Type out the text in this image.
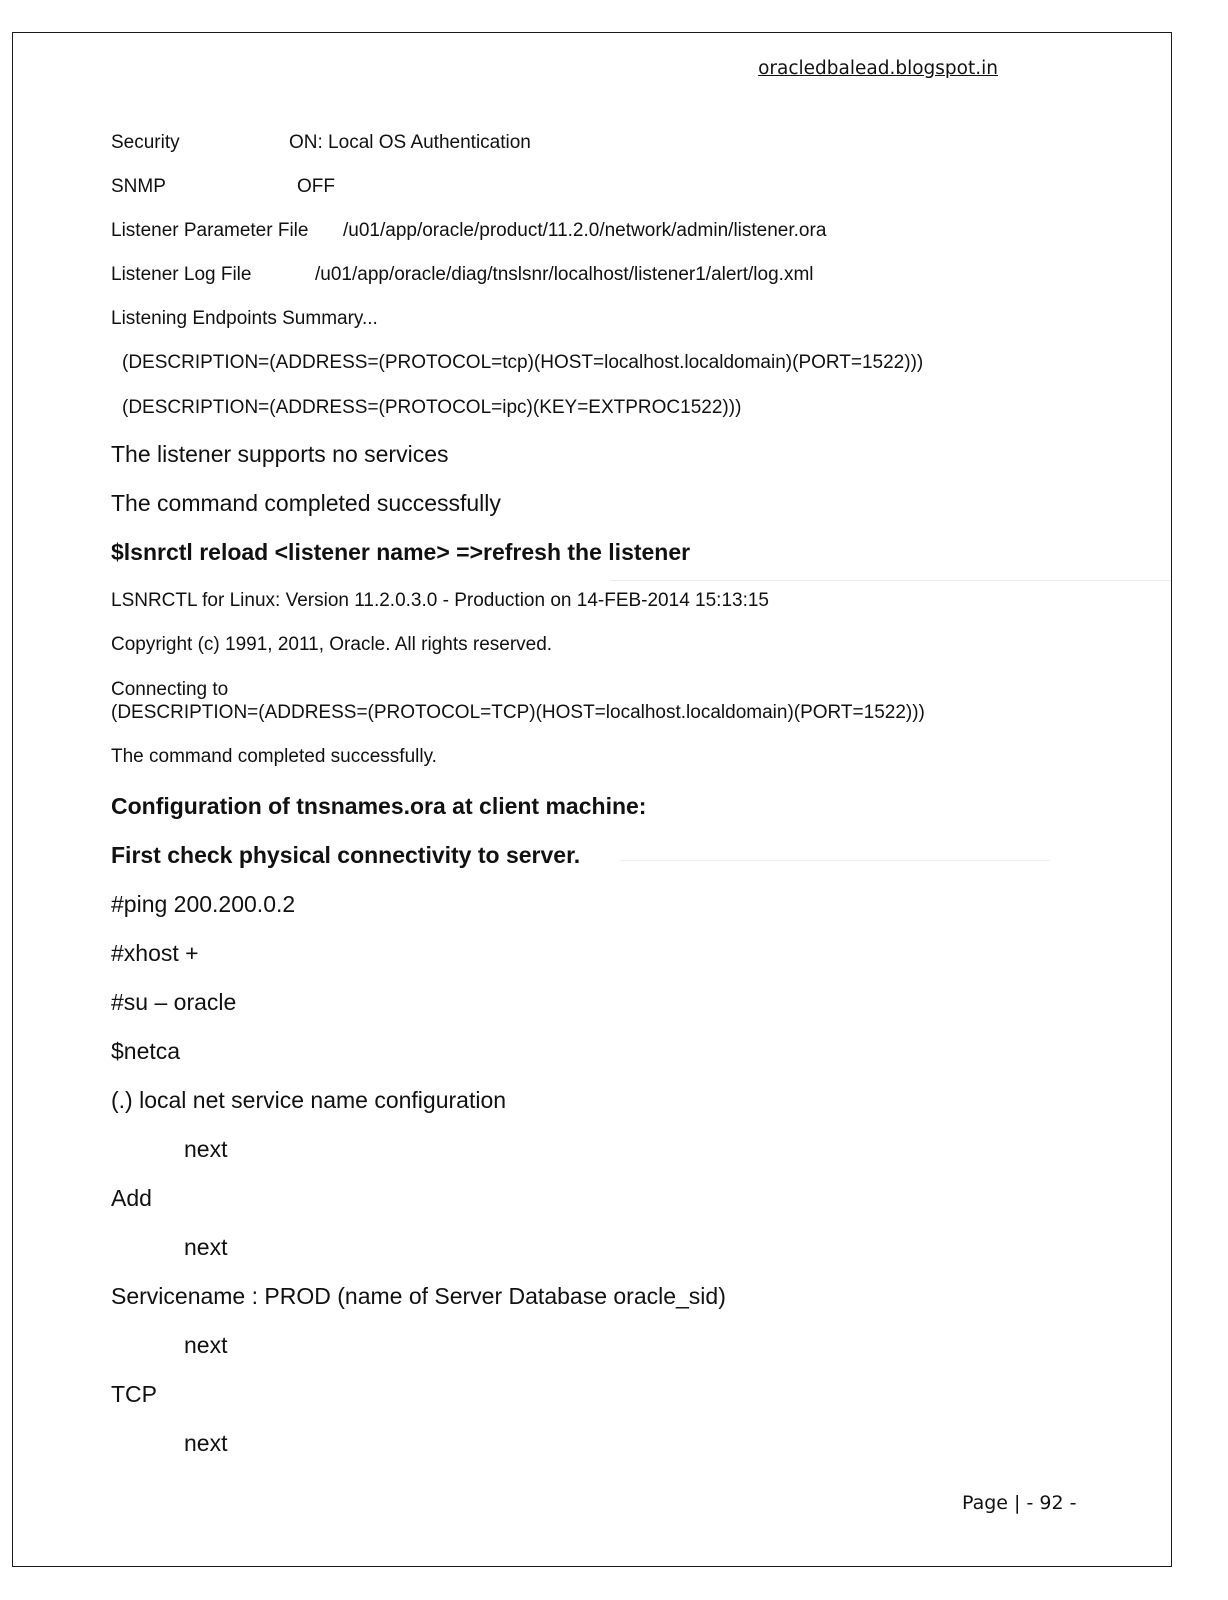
oracledbalead.blogspot.in
Security	ON: Local OS Authentication
SNMP	OFF
Listener Parameter File /u01/app/oracle/product/11.2.0/network/admin/listener.ora
Listener Log File	/u01/app/oracle/diag/tnslsnr/localhost/listener1/alert/log.xml
Listening Endpoints Summary...
(DESCRIPTION=(ADDRESS=(PROTOCOL=tcp)(HOST=localhost.localdomain)(PORT=1522)))
(DESCRIPTION=(ADDRESS=(PROTOCOL=ipc)(KEY=EXTPROC1522)))
The listener supports no services
The command completed successfully
$lsnrctl reload <listener name> =>refresh the listener
LSNRCTL for Linux: Version 11.2.0.3.0 - Production on 14-FEB-2014 15:13:15
Copyright (c) 1991, 2011, Oracle. All rights reserved.
Connecting to
(DESCRIPTION=(ADDRESS=(PROTOCOL=TCP)(HOST=localhost.localdomain)(PORT=1522)))
The command completed successfully.
Configuration of tnsnames.ora at client machine:
First check physical connectivity to server.
#ping 200.200.0.2
#xhost +
#su – oracle
$netca
(.) local net service name configuration
next
Add
next
Servicename : PROD (name of Server Database oracle_sid)
next
TCP
next
Page | - 92 -
